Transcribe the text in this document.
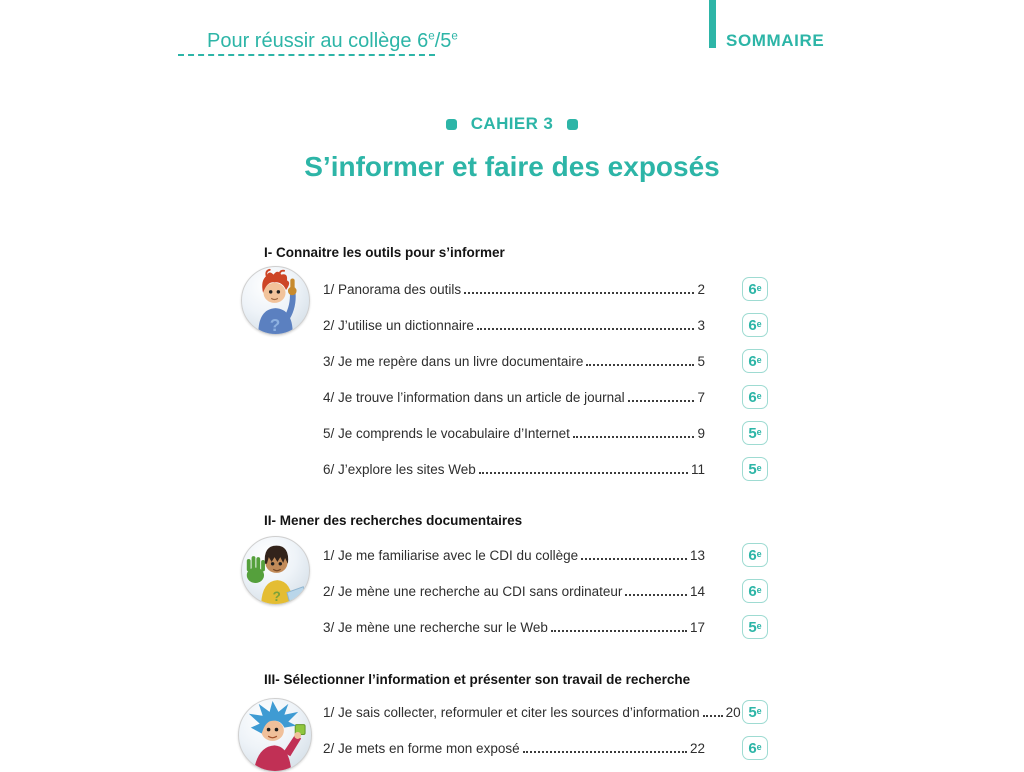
Pour réussir au collège 6e/5e	SOMMAIRE
CAHIER 3
S’informer et faire des exposés
I- Connaitre les outils pour s’informer
1/ Panorama des outils	2	6e
2/ J’utilise un dictionnaire	3	6e
3/ Je me repère dans un livre documentaire	5	6e
4/ Je trouve l’information dans un article de journal	7	6e
5/ Je comprends le vocabulaire d’Internet	9	5e
6/ J’explore les sites Web	11	5e
II- Mener des recherches documentaires
1/ Je me familiarise avec le CDI du collège	13	6e
2/ Je mène une recherche au CDI sans ordinateur	14	6e
3/ Je mène une recherche sur le Web	17	5e
III- Sélectionner l’information et présenter son travail de recherche
1/ Je sais collecter, reformuler et citer les sources d’information 20 5e
2/ Je mets en forme mon exposé	22	6e
?
?
